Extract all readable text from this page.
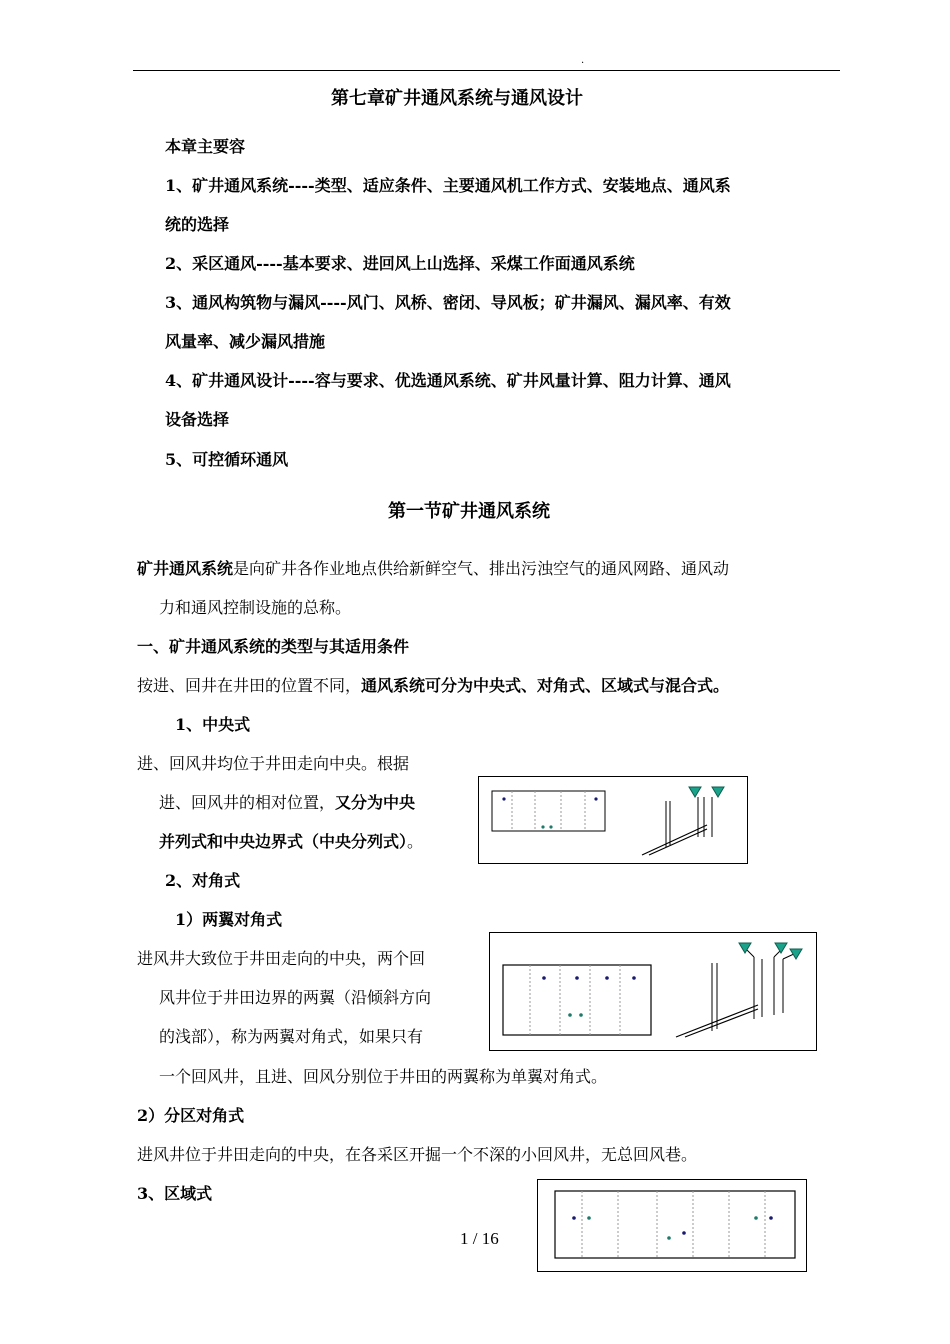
.
第七章矿井通风系统与通风设计
本章主要容
1、矿井通风系统----类型、适应条件、主要通风机工作方式、安装地点、通风系
统的选择
2、采区通风----基本要求、进回风上山选择、采煤工作面通风系统
3、通风构筑物与漏风----风门、风桥、密闭、导风板；矿井漏风、漏风率、有效
风量率、减少漏风措施
4、矿井通风设计----容与要求、优选通风系统、矿井风量计算、阻力计算、通风
设备选择
5、可控循环通风
第一节矿井通风系统
矿井通风系统是向矿井各作业地点供给新鲜空气、排出污浊空气的通风网路、通风动
力和通风控制设施的总称。
一、矿井通风系统的类型与其适用条件
按进、回井在井田的位置不同，通风系统可分为中央式、对角式、区域式与混合式。
1、中央式
进、回风井均位于井田走向中央。根据
进、回风井的相对位置，又分为中央
并列式和中央边界式（中央分列式）。
2、对角式
1）两翼对角式
进风井大致位于井田走向的中央，两个回
风井位于井田边界的两翼（沿倾斜方向
的浅部），称为两翼对角式，如果只有
一个回风井，且进、回风分别位于井田的两翼称为单翼对角式。
2）分区对角式
进风井位于井田走向的中央，在各采区开掘一个不深的小回风井，无总回风巷。
3、区域式
1 / 16
